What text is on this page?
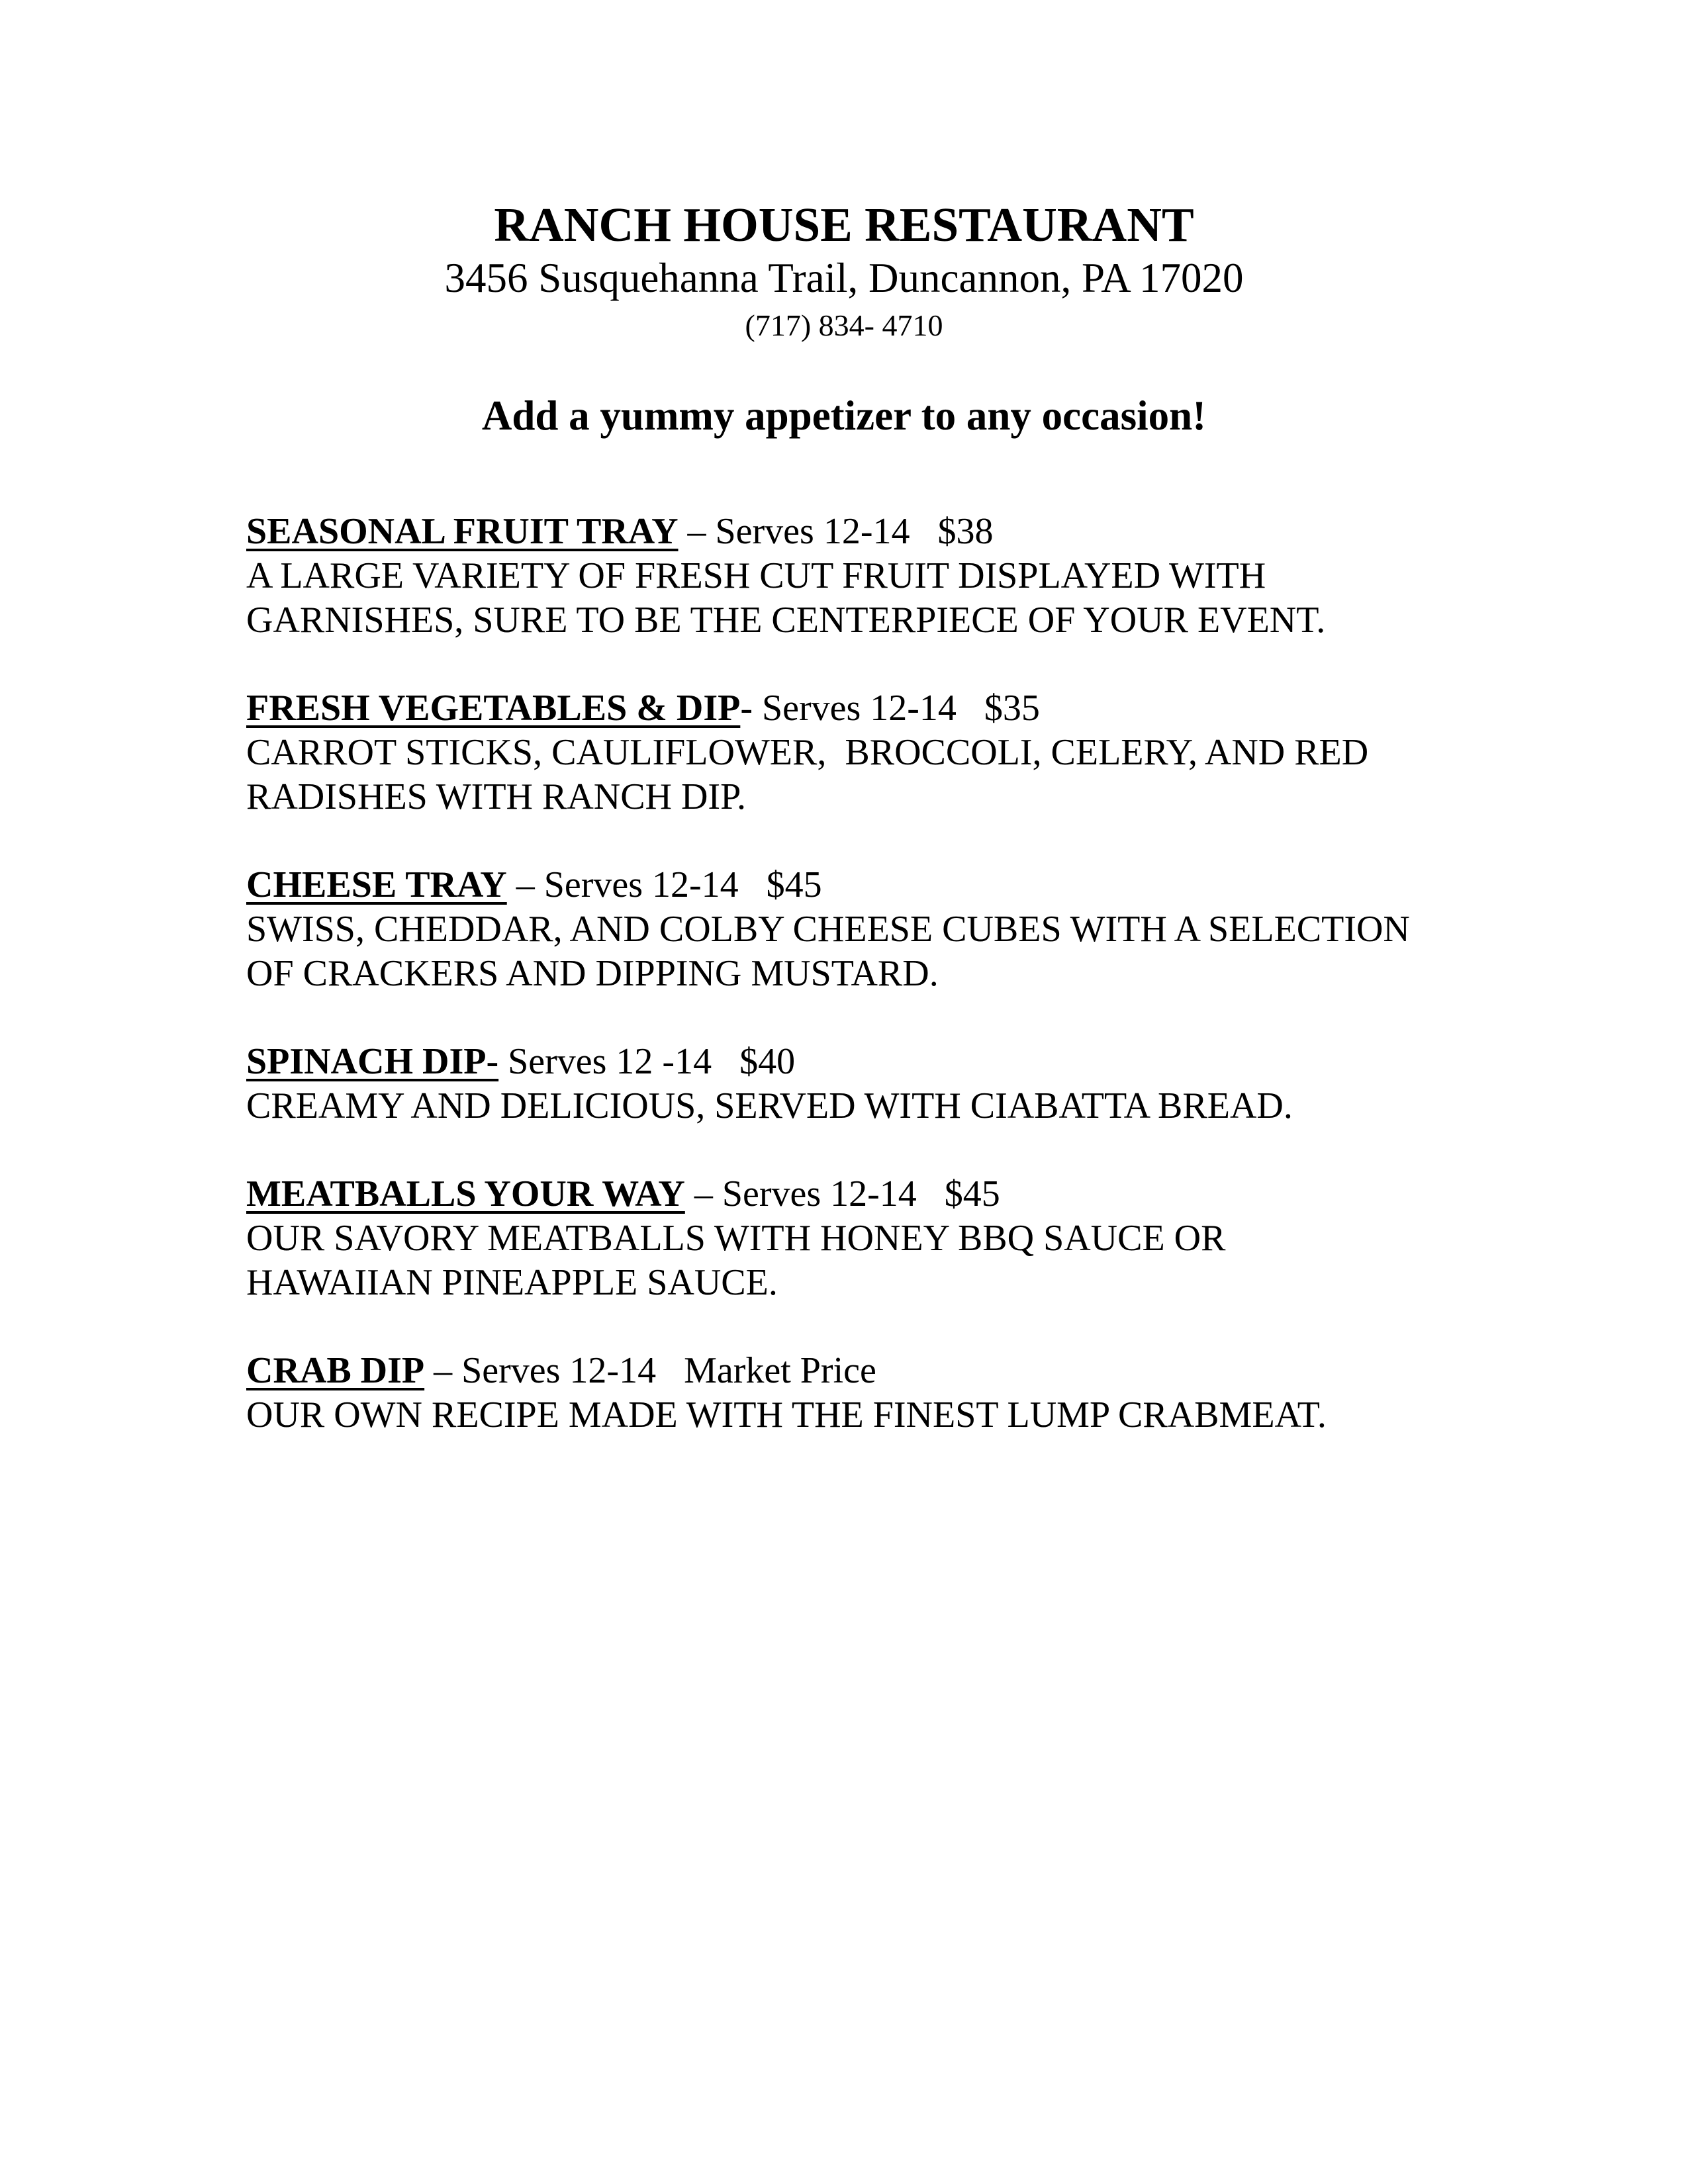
RANCH HOUSE RESTAURANT
3456 Susquehanna Trail, Duncannon, PA 17020
(717) 834- 4710
Add a yummy appetizer to any occasion!
SEASONAL FRUIT TRAY – Serves 12-14   $38
A LARGE VARIETY OF FRESH CUT FRUIT DISPLAYED WITH
GARNISHES, SURE TO BE THE CENTERPIECE OF YOUR EVENT.
FRESH VEGETABLES & DIP- Serves 12-14   $35
CARROT STICKS, CAULIFLOWER,  BROCCOLI, CELERY, AND RED
RADISHES WITH RANCH DIP.
CHEESE TRAY – Serves 12-14   $45
SWISS, CHEDDAR, AND COLBY CHEESE CUBES WITH A SELECTION
OF CRACKERS AND DIPPING MUSTARD.
SPINACH DIP- Serves 12 -14   $40
CREAMY AND DELICIOUS, SERVED WITH CIABATTA BREAD.
MEATBALLS YOUR WAY – Serves 12-14   $45
OUR SAVORY MEATBALLS WITH HONEY BBQ SAUCE OR
HAWAIIAN PINEAPPLE SAUCE.
CRAB DIP – Serves 12-14   Market Price
OUR OWN RECIPE MADE WITH THE FINEST LUMP CRABMEAT.
